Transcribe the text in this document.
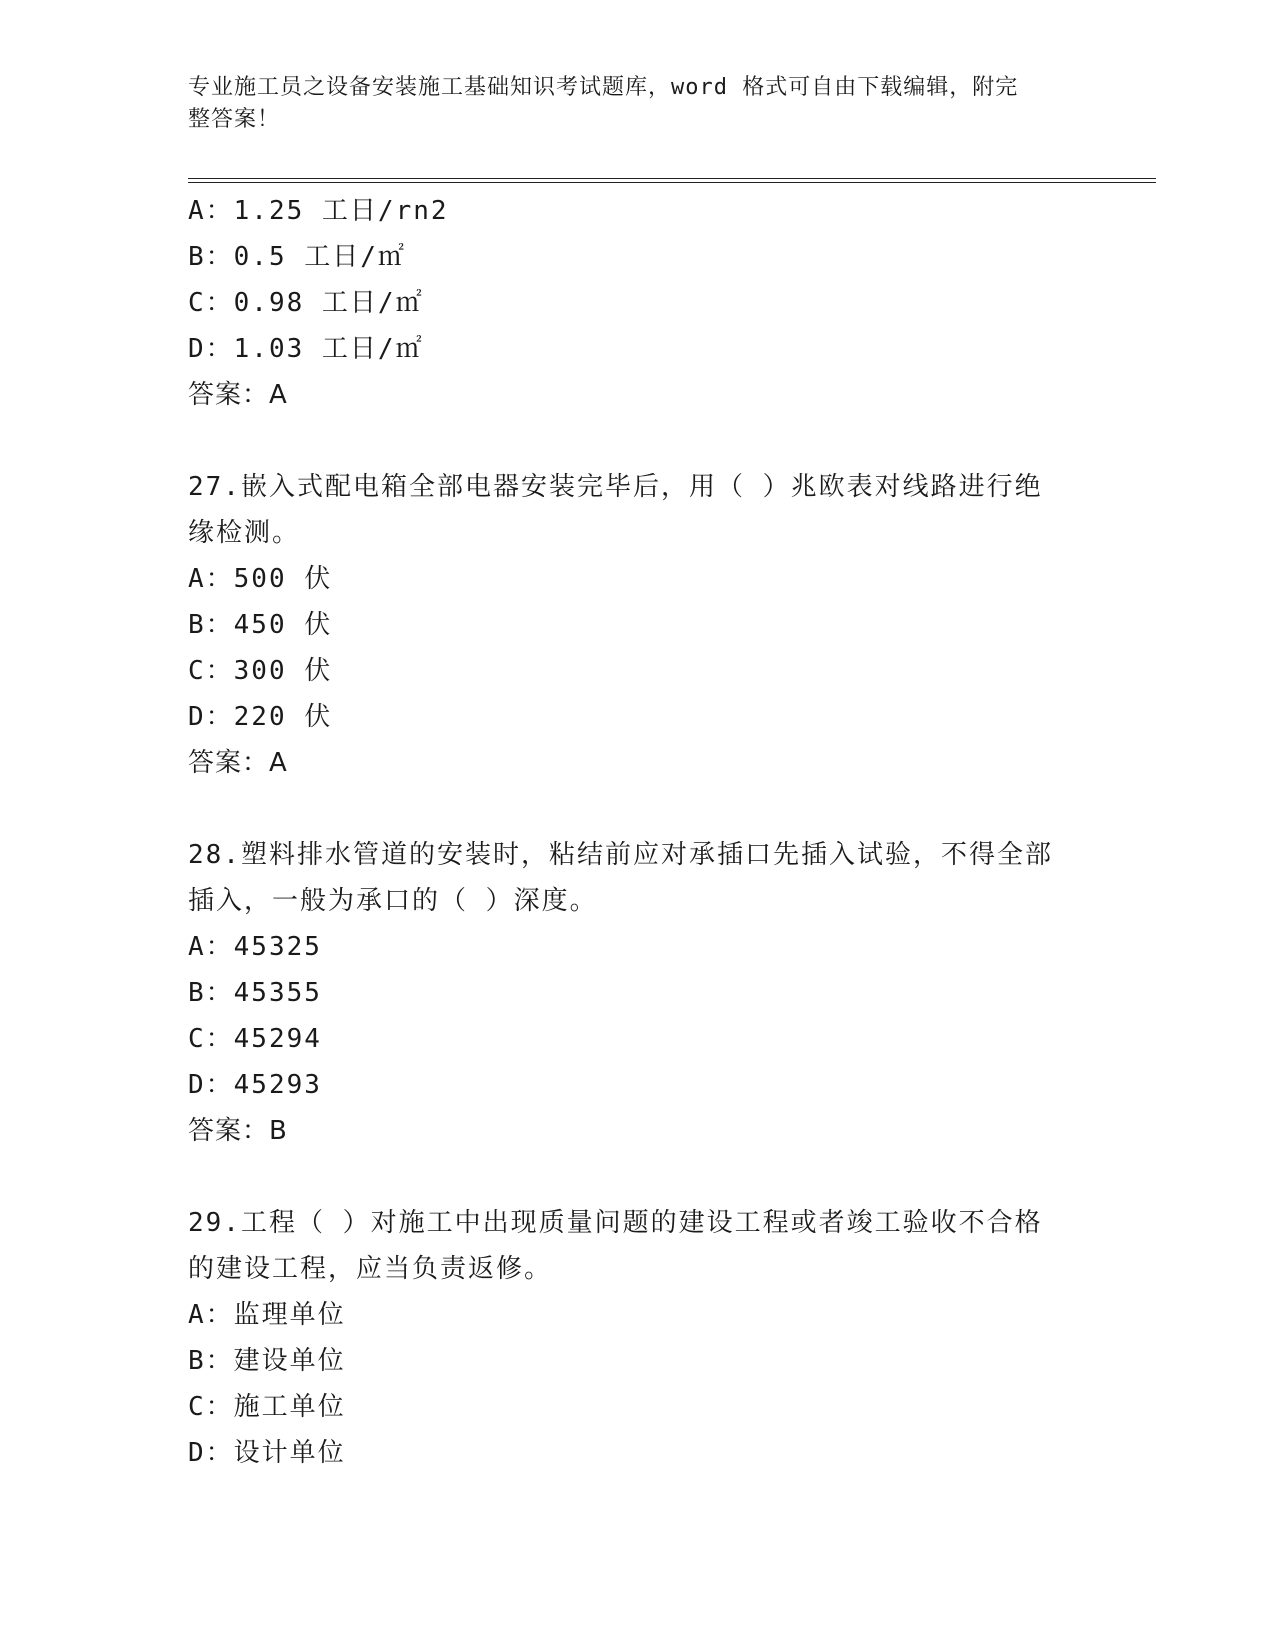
专业施工员之设备安装施工基础知识考试题库，word 格式可自由下载编辑，附完
整答案！
A：1.25 工日/rn2
B：0.5 工日/㎡
C：0.98 工日/㎡
D：1.03 工日/㎡
答案：A
27.嵌入式配电箱全部电器安装完毕后，用（ ）兆欧表对线路进行绝
缘检测。
A：500 伏
B：450 伏
C：300 伏
D：220 伏
答案：A
28.塑料排水管道的安装时，粘结前应对承插口先插入试验，不得全部
插入，一般为承口的（ ）深度。
A：45325
B：45355
C：45294
D：45293
答案：B
29.工程（ ）对施工中出现质量问题的建设工程或者竣工验收不合格
的建设工程，应当负责返修。
A：监理单位
B：建设单位
C：施工单位
D：设计单位
